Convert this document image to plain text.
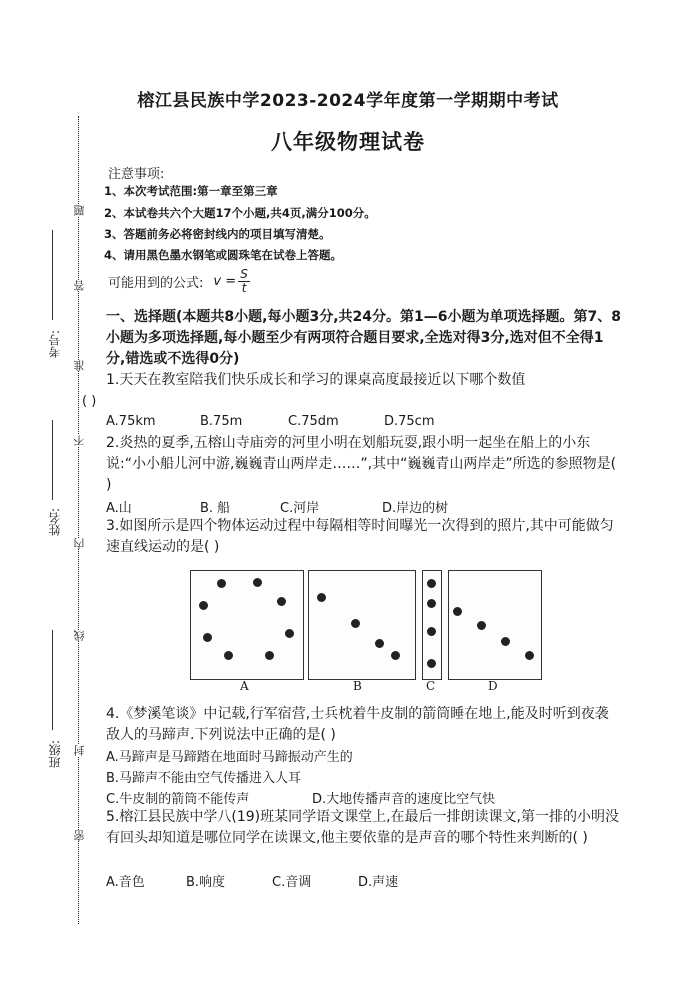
题
答
准
不
内
线
封
密
考号:
姓名:
班级:
榕江县民族中学2023-2024学年度第一学期期中考试
八年级物理试卷
注意事项:
1、本次考试范围:第一章至第三章
2、本试卷共六个大题17个小题,共4页,满分100分。
3、答题前务必将密封线内的项目填写清楚。
4、请用黑色墨水钢笔或圆珠笔在试卷上答题。
可能用到的公式: $v = \frac{S}{t}$
一、选择题(本题共8小题,每小题3分,共24分。第1—6小题为单项选择题。第7、8小题为多项选择题,每小题至少有两项符合题目要求,全选对得3分,选对但不全得1分,错选或不选得0分)
1.天天在教室陪我们快乐成长和学习的课桌高度最接近以下哪个数值
( )
A.75km	B.75m	C.75dm	D.75cm
2.炎热的夏季,五榕山寺庙旁的河里小明在划船玩耍,跟小明一起坐在船上的小东说:“小小船儿河中游,巍巍青山两岸走……”,其中“巍巍青山两岸走”所选的参照物是( )
A.山	B. 船	C.河岸	D.岸边的树
3.如图所示是四个物体运动过程中每隔相等时间曝光一次得到的照片,其中可能做匀速直线运动的是( )
A	B	C	D
4.《梦溪笔谈》中记载,行军宿营,士兵枕着牛皮制的箭筒睡在地上,能及时听到夜袭敌人的马蹄声.下列说法中正确的是( )
A.马蹄声是马蹄踏在地面时马蹄振动产生的
B.马蹄声不能由空气传播进入人耳
C.牛皮制的箭筒不能传声	D.大地传播声音的速度比空气快
5.榕江县民族中学八(19)班某同学语文课堂上,在最后一排朗读课文,第一排的小明没有回头却知道是哪位同学在读课文,他主要依靠的是声音的哪个特性来判断的( )
A.音色	B.响度	C.音调	D.声速
